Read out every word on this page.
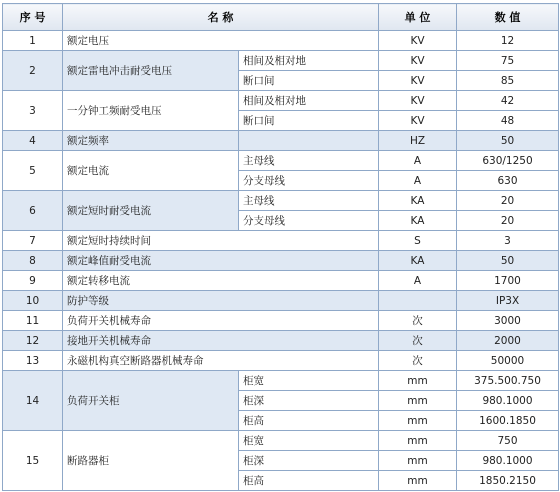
序 号	名 称		单 位	数 值
1	额定电压		KV	12
2	额定雷电冲击耐受电压	相间及相对地	KV	75
		断口间	KV	85
3	一分钟工频耐受电压	相间及相对地	KV	42
		断口间	KV	48
4	额定频率		HZ	50
5	额定电流	主母线	A	630/1250
		分支母线	A	630
6	额定短时耐受电流	主母线	KA	20
		分支母线	KA	20
7	额定短时持续时间		S	3
8	额定峰值耐受电流		KA	50
9	额定转移电流		A	1700
10	防护等级			IP3X
11	负荷开关机械寿命		次	3000
12	接地开关机械寿命		次	2000
13	永磁机构真空断路器机械寿命		次	50000
14	负荷开关柜	柜宽	mm	375.500.750
		柜深	mm	980.1000
		柜高	mm	1600.1850
15	断路器柜	柜宽	mm	750
		柜深	mm	980.1000
		柜高	mm	1850.2150
